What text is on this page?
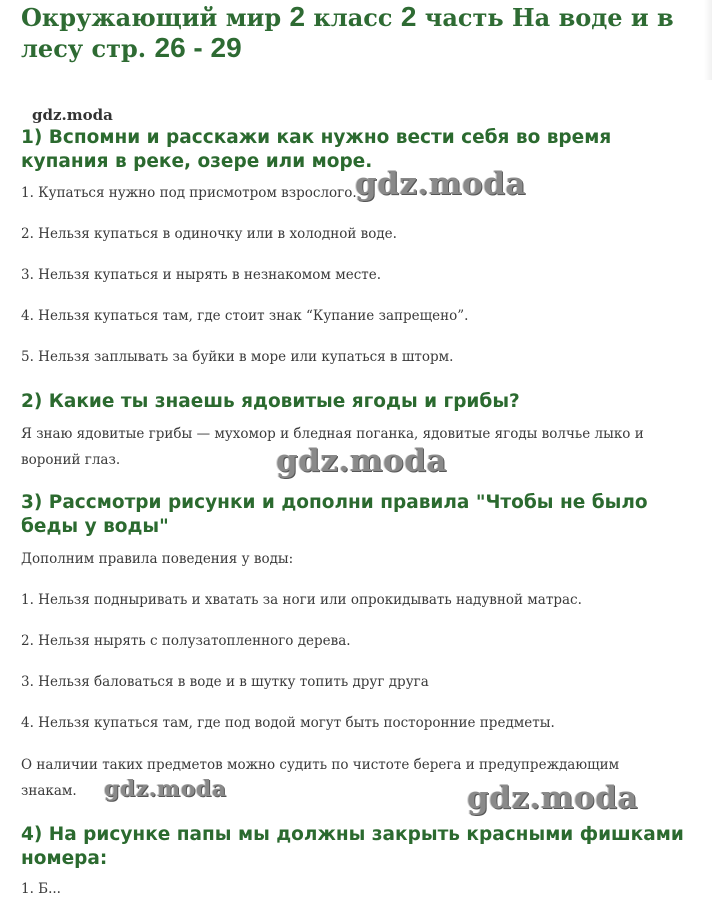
Окружающий мир 2 класс 2 часть На воде и в лесу стр. 26 - 29
gdz.moda
1) Вспомни и расскажи как нужно вести себя во время купания в реке, озере или море.

1. Купаться нужно под присмотром взрослого.

gdz.moda

2. Нельзя купаться в одиночку или в холодной воде.

3. Нельзя купаться и нырять в незнакомом месте.

4. Нельзя купаться там, где стоит знак “Купание запрещено”.

5. Нельзя заплывать за буйки в море или купаться в шторм.

2) Какие ты знаешь ядовитые ягоды и грибы?

Я знаю ядовитые грибы — мухомор и бледная поганка, ядовитые ягоды волчье лыко и вороний глаз.	gdz.moda
3) Рассмотри рисунки и дополни правила "Чтобы не было беды у воды"

Дополним правила поведения у воды:

1. Нельзя подныривать и хватать за ноги или опрокидывать надувной матрас.

2. Нельзя нырять с полузатопленного дерева.

3. Нельзя баловаться в воде и в шутку топить друг друга

4. Нельзя купаться там, где под водой могут быть посторонние предметы.

О наличии таких предметов можно судить по чистоте берега и предупреждающим знакам.	gdz.moda	gdz.moda
4) На рисунке папы мы должны закрыть красными фишками номера:

1. Б...
